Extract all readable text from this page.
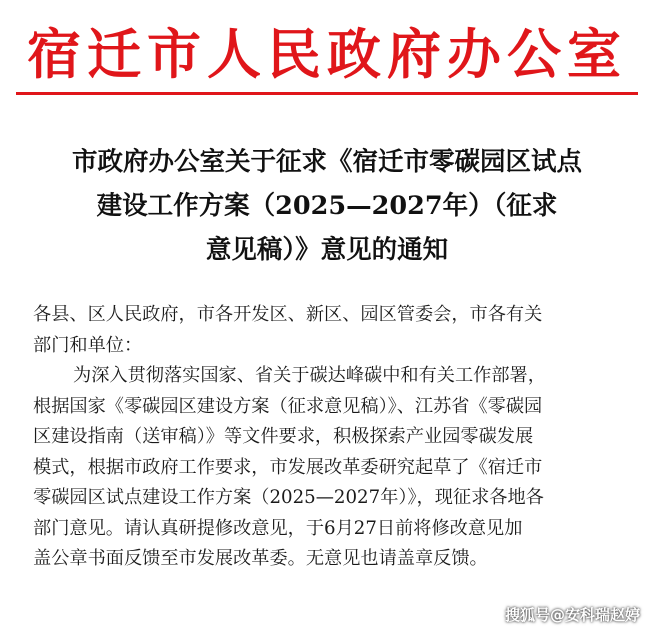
宿迁市人民政府办公室
市政府办公室关于征求《宿迁市零碳园区试点
建设工作方案（2025—2027年）（征求
意见稿）》意见的通知
各县、区人民政府，市各开发区、新区、园区管委会，市各有关
部门和单位：
为深入贯彻落实国家、省关于碳达峰碳中和有关工作部署，
根据国家《零碳园区建设方案（征求意见稿）》、江苏省《零碳园
区建设指南（送审稿）》等文件要求，积极探索产业园零碳发展
模式，根据市政府工作要求，市发展改革委研究起草了《宿迁市
零碳园区试点建设工作方案（2025—2027年）》，现征求各地各
部门意见。请认真研提修改意见，于6月27日前将修改意见加
盖公章书面反馈至市发展改革委。无意见也请盖章反馈。
搜狐号@安科瑞赵婷
